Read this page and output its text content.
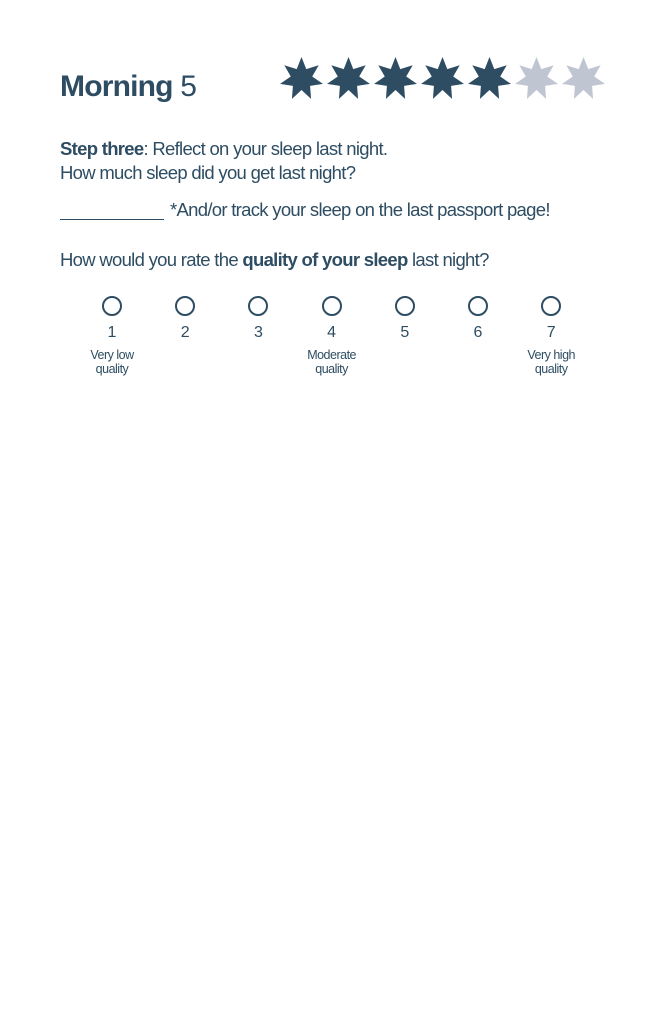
Morning 5

Step three: Reflect on your sleep last night.

How much sleep did you get last night?

*And/or track your sleep on the last passport page!

How would you rate the quality of your sleep last night?

1
Very low
quality
2	3	4
Moderate
quality
5	6	7
Very high
quality
